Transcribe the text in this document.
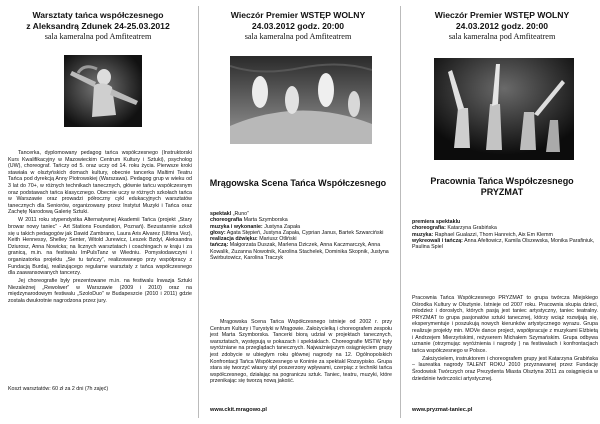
Warsztaty tańca współczesnego
z Aleksandrą Zdunek 24-25.03.2012
sala kameralna pod Amfiteatrem

Tancerka, dyplomowany pedagog tańca współczesnego (Instruktorski Kurs Kwalifikacyjny w Mazowieckim Centrum Kultury i Sztuki), psycholog (UW), choreograf. Tańczy od 5. oraz uczy od 14. roku życia. Pierwsze kroki stawiała w olsztyńskich domach kultury, obecnie tancerka Maltimi Teatru Tańca pod dyrekcją Anny Piotrowskiej (Warszawa). Pedagog grup w wieku od 3 lat do 70+, w różnych technikach tanecznych, głównie tańcu współczesnym oraz podstawach tańca klasycznego. Obecnie uczy w różnych szkołach tańca w Warszawie oraz prowadzi półroczny cykl edukacyjnych warsztatów tanecznych dla Seniorów, organizowany przez Instytut Muzyki i Tańca oraz Zachętę Narodową Galerię Sztuki.

W 2011 roku stypendystka Alternatywnej Akademii Tańca (projekt „Stary browar nowy taniec” - Art Stations Foundation, Poznań). Bezustannie szkoli się u takich pedagogów jak Dawid Zambrano, Laura Aris Alvarez (Ultima Vez), Keith Hennessy, Shelley Senter, Witold Jurewicz, Leszek Bzdyl, Aleksandra Dziurosz, Anna Nowicka; na licznych warsztatach i coachingach w kraju i za granicą, m.in. na festiwalu ImPulsTanz w Wiedniu. Pomysłodawczyni i organizatorka projektu „Sie tu tańczy”, realizowanego przy współpracy z Fundacją Burdaj, realizującego regularne warsztaty z tańca współczesnego dla zaawansowanych tancerzy.

Jej choreografie były prezentowane m.in. na festiwalu Inwazja Sztuki Niezależnej „Rewolwer” w Warszawie (2009 i 2010) oraz na międzynarodowym festiwalu „SzoloDuo” w Budapeszcie (2010 i 2011) gdzie została dwukrotnie nagrodzona przez jury.

Koszt warsztatów: 60 zł za 2 dni (7h zajęć)
Wieczór Premier WSTĘP WOLNY
24.03.2012 godz. 20:00
sala kameralna pod Amfiteatrem
Mrągowska Scena Tańca Współczesnego
spektakl „Runo”
choreografia Marta Szymborska
muzyka i wykonanie: Justyna Zapała
głosy: Agata Stępień, Justyna Zapała, Cyprian Janus, Bartek Szwarciński
realizacja dźwięku: Mariusz Otliński
tańczą: Małgorzata Duszak, Marlena Dziczek, Anna Kaczmarczyk, Anna Kowalik, Zuzanna Nowotnik, Karolina Stachelek, Dominika Skopnik, Justyna Świrbutowicz, Karolina Traczyk

Mrągowska Scena Tańca Współczesnego istnieje od 2002 r. przy Centrum Kultury i Turystyki w Mrągowie. Założycielką i choreografem zespołu jest Marta Szymborska. Tancerki biorą udział w projektach tanecznych, warsztatach, występują w pokazach i spektaklach. Choreografie MSTW były wyróżniane na przeglądach tanecznych. Najważniejszym osiągnięciem grupy jest zdobycie w ubiegłym roku głównej nagrody na 12. Ogólnopolskich Konfrontacji Tańca Współczesnego w Koninie za spektakl Rozsypisko. Grupa stara się tworzyć własny styl poszerzony wpływami, czerpiąc z techniki tańca współczesnego, działając na pograniczu sztuk. Taniec, teatru, muzyki, które przenikając się tworzą nową jakość.

www.ckit.mragowo.pl
Wieczór Premier WSTĘP WOLNY
24.03.2012 godz. 20:00
sala kameralna pod Amfiteatrem
Pracownia Tańca Współczesnego
PRYZMAT
premiera spektaklu
choreografia: Katarzyna Grabińska
muzyka: Raphael Gualazzi, Thom Hanreich, Aix Em Klemm
wykreowali i tańczą: Anna Afeltowicz, Kamila Olszewska, Monika Parafiniuk, Paulina Spiel

Pracownia Tańca Współczesnego PRYZMAT to grupa twórcza Miejskiego Ośrodka Kultury w Olsztynie. Istnieje od 2007 roku. Pracownia skupia dzieci, młodzież i dorosłych, których pasją jest taniec artystyczny, taniec teatralny. PRYZMAT to grupa pasjonatów sztuki tanecznej, którzy wciąż rozwijają się, eksperymentuje i poszukują nowych kierunków artystycznego wyrazu. Grupa realizuje projekty min. MOVe dance project, współpracuje z muzykami Elżbietą i Andrzejem Mierzyńskimi, reżyserem Michałem Szymańskim. Grupa odbywa uznanie (otrzymując wyróżnienia i nagrody ) na festiwalach i konfrontacjach tańca współczesnego w Polsce.

Założycielem, instruktorem i choreografem grupy jest Katarzyna Grabińska – laureatka nagrody TALENT ROKU 2010 przyznawanej przez Fundację Środowisk Twórczych oraz Prezydenta Miasta Olsztyna 2011 za osiągnięcia w dziedzinie twórczości artystycznej.

www.pryzmat-taniec.pl
